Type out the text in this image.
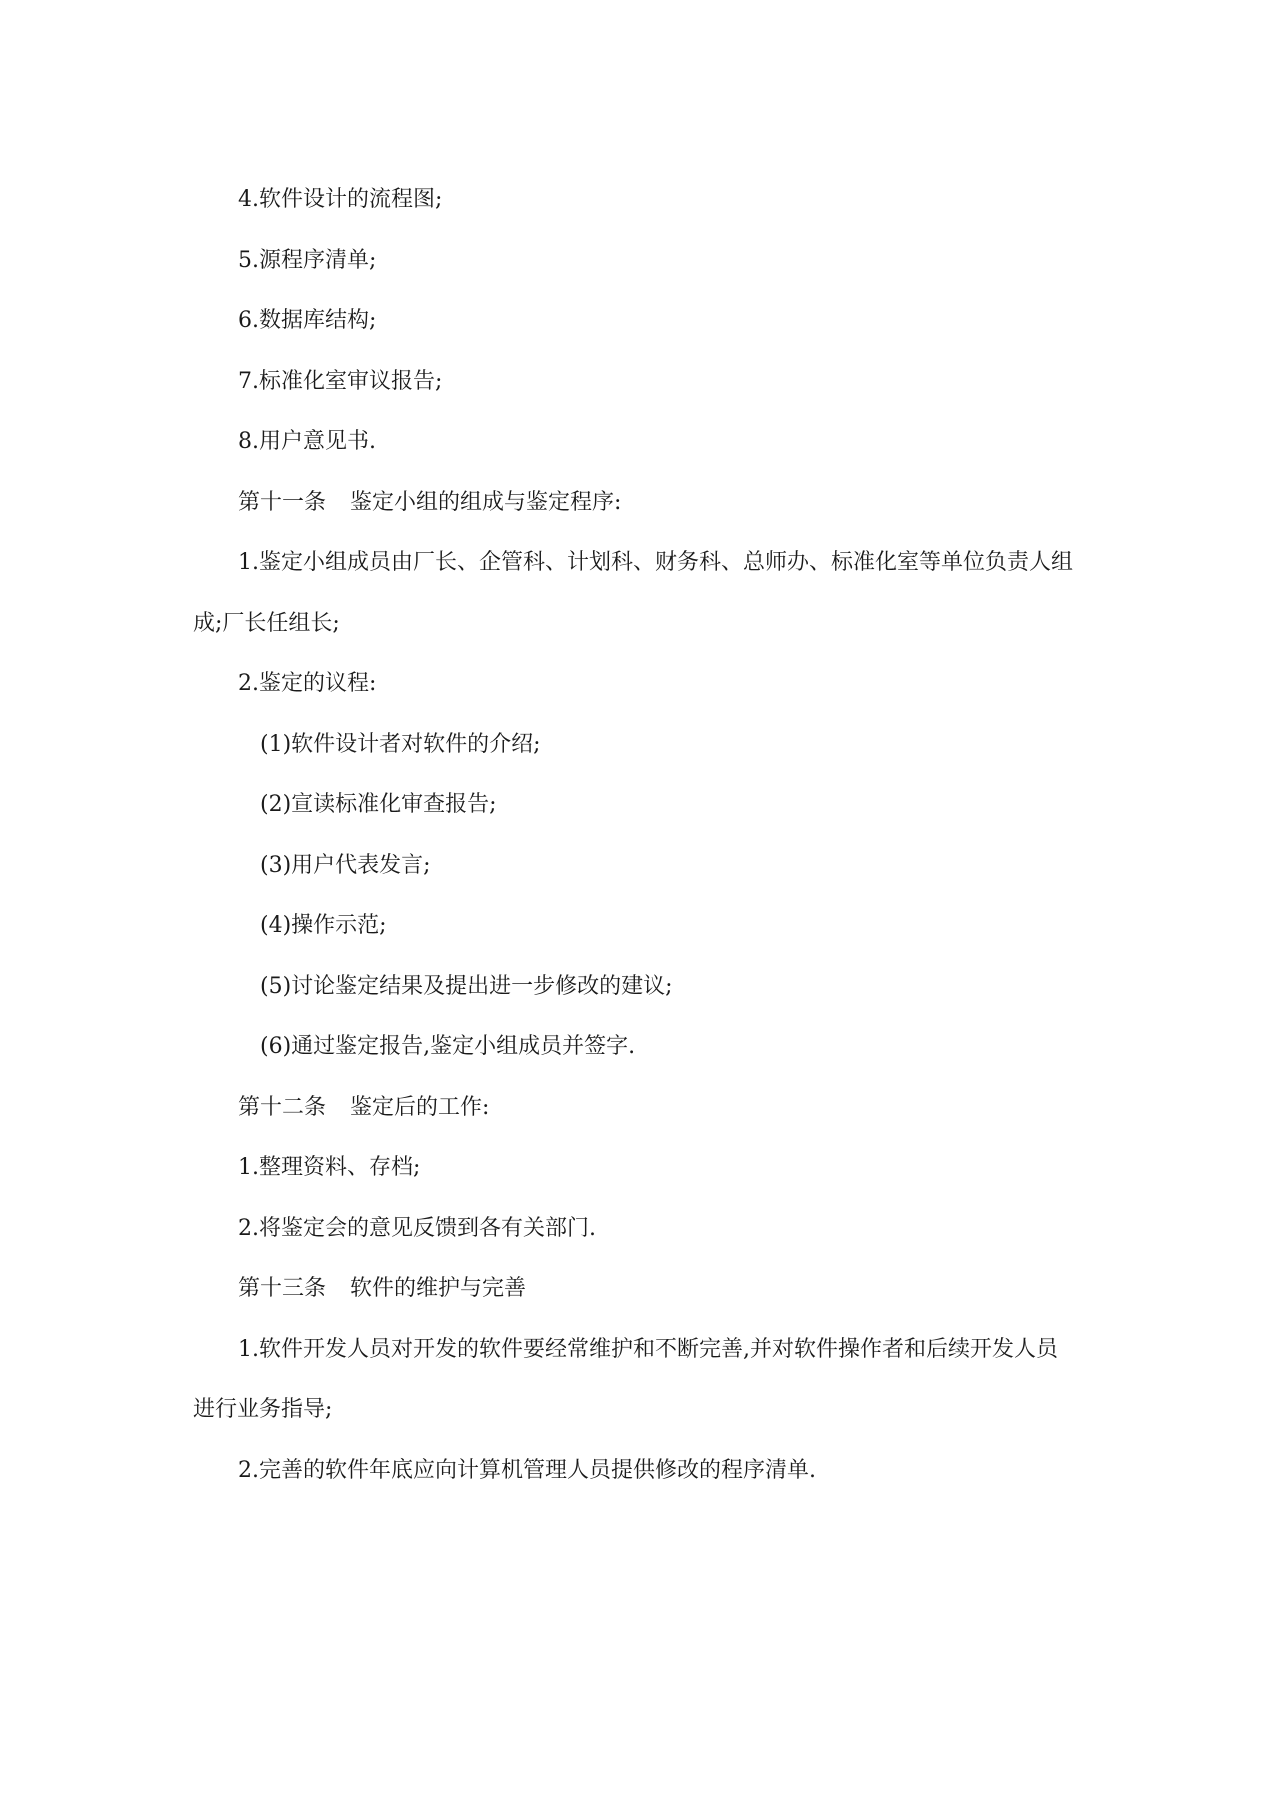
4.软件设计的流程图;

5.源程序清单;

6.数据库结构;

7.标准化室审议报告;

8.用户意见书.

第十一条 鉴定小组的组成与鉴定程序:

1.鉴定小组成员由厂长、企管科、计划科、财务科、总师办、标准化室等单位负责人组

成;厂长任组长;

2.鉴定的议程:

(1)软件设计者对软件的介绍;

(2)宣读标准化审查报告;

(3)用户代表发言;

(4)操作示范;

(5)讨论鉴定结果及提出进一步修改的建议;

(6)通过鉴定报告,鉴定小组成员并签字.

第十二条 鉴定后的工作:

1.整理资料、存档;

2.将鉴定会的意见反馈到各有关部门.

第十三条 软件的维护与完善

1.软件开发人员对开发的软件要经常维护和不断完善,并对软件操作者和后续开发人员

进行业务指导;

2.完善的软件年底应向计算机管理人员提供修改的程序清单.
